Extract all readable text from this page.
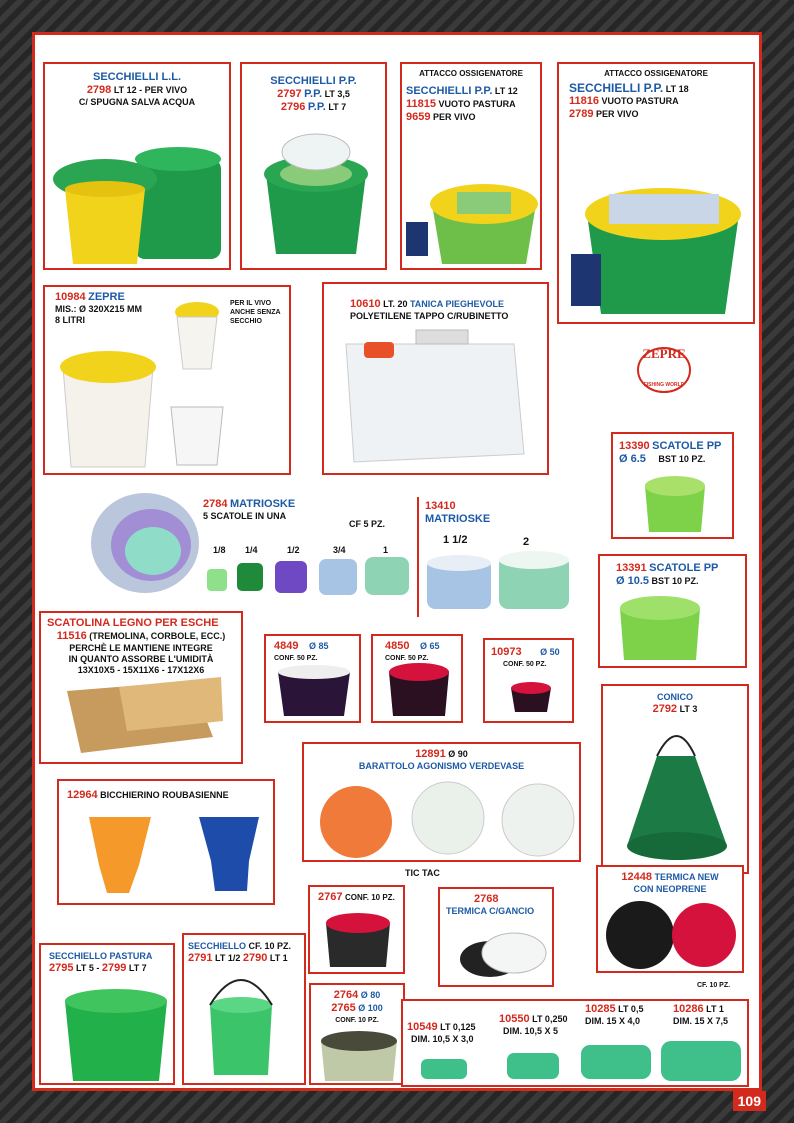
SECCHIELLI L.L.
2798 LT 12 - PER VIVO
C/ SPUGNA SALVA ACQUA
SECCHIELLI P.P.
2797 P.P. LT 3,5
2796 P.P. LT 7
ATTACCO OSSIGENATORE
SECCHIELLI P.P. LT 12
11815 VUOTO PASTURA
9659 PER VIVO
ATTACCO OSSIGENATORE
SECCHIELLI P.P. LT 18
11816 VUOTO PASTURA
2789 PER VIVO
10984 ZEPRE
MIS.: Ø 320X215 MM
8 LITRI
PER IL VIVO
ANCHE SENZA
SECCHIO
10610 LT. 20 TANICA PIEGHEVOLE
POLYETILENE TAPPO C/RUBINETTO
ZEPRE
FISHING WORLD
13390 SCATOLE PP
Ø 6.5 BST 10 PZ.
2784 MATRIOSKE
5 SCATOLE IN UNA
CF 5 PZ.
1/8 1/4	1/2	3/4	1
13410
MATRIOSKE
1 1/2	2
13391 SCATOLE PP
Ø 10.5 BST 10 PZ.
SCATOLINA LEGNO PER ESCHE
11516 (TREMOLINA, CORBOLE, ECC.)
PERCHÈ LE MANTIENE INTEGRE
IN QUANTO ASSORBE L'UMIDITÀ
13X10X5 - 15X11X6 - 17X12X6
4849 Ø 85
CONF. 50 PZ.
4850 Ø 65
CONF. 50 PZ.
10973 Ø 50
CONF. 50 PZ.
CONICO
2792 LT 3
12891 Ø 90
BARATTOLO AGONISMO VERDEVASE
12964 BICCHIERINO ROUBASIENNE
TIC TAC
2767 CONF. 10 PZ.	2768
TERMICA C/GANCIO
12448 TERMICA NEW
CON NEOPRENE
CF. 10 PZ.
SECCHIELLO PASTURA
2795 LT 5 - 2799 LT 7
SECCHIELLO CF. 10 PZ.
2791 LT 1/2 2790 LT 1
2764 Ø 80
2765 Ø 100
CONF. 10 PZ.
10549 LT 0,125
DIM. 10,5 X 3,0
10550 LT 0,250
DIM. 10,5 X 5
10285 LT 0,5
DIM. 15 X 4,0
10286 LT 1
DIM. 15 X 7,5
109
